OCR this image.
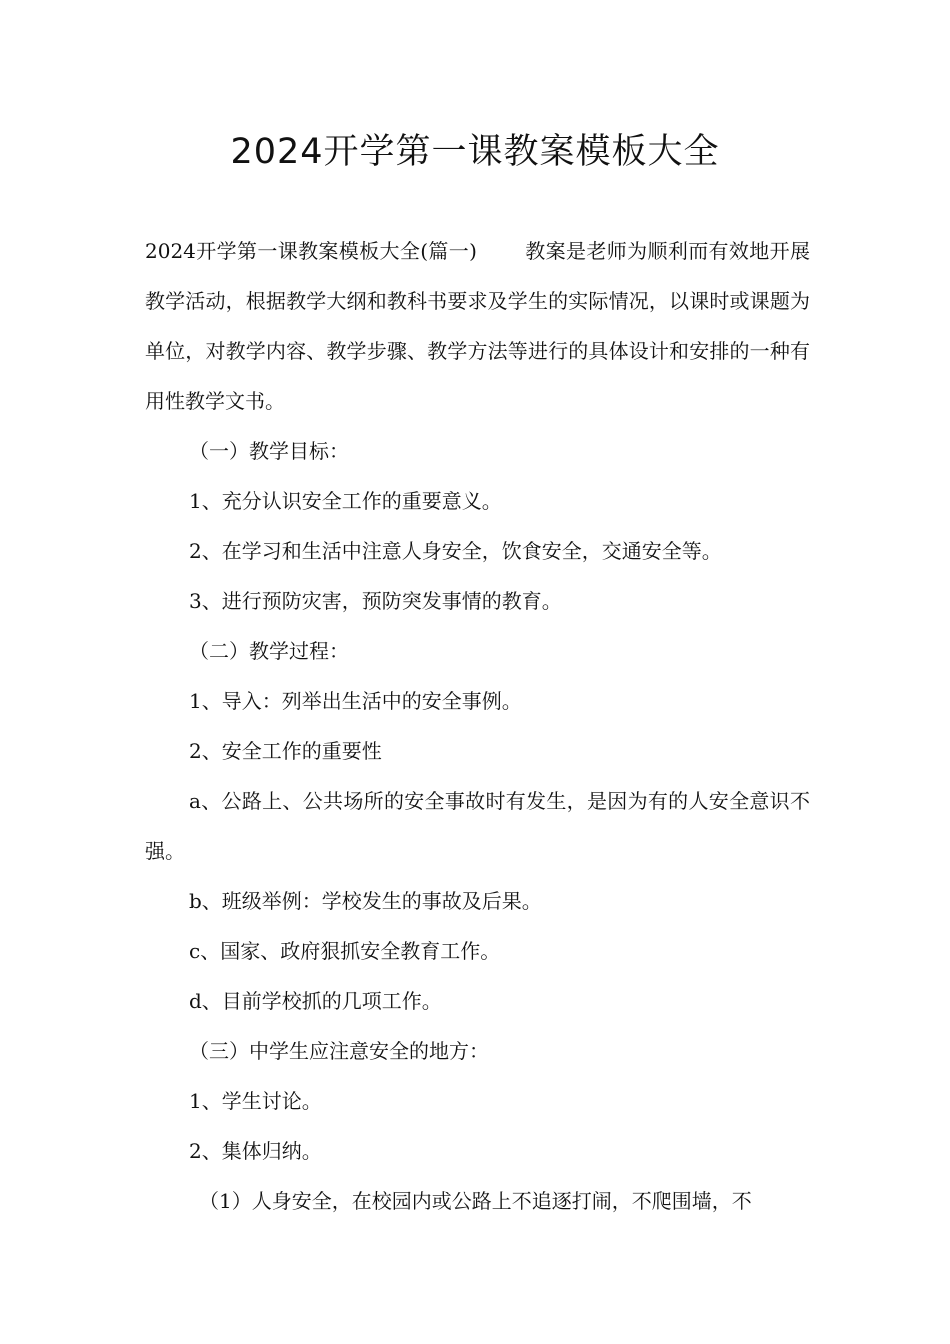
2024开学第一课教案模板大全

2024开学第一课教案模板大全(篇一) 教案是老师为顺利而有效地开展教学活动，根据教学大纲和教科书要求及学生的实际情况，以课时或课题为单位，对教学内容、教学步骤、教学方法等进行的具体设计和安排的一种有用性教学文书。

（一）教学目标：

1、充分认识安全工作的重要意义。

2、在学习和生活中注意人身安全，饮食安全，交通安全等。

3、进行预防灾害，预防突发事情的教育。

（二）教学过程：

1、导入：列举出生活中的安全事例。

2、安全工作的重要性

a、公路上、公共场所的安全事故时有发生，是因为有的人安全意识不强。

b、班级举例：学校发生的事故及后果。

c、国家、政府狠抓安全教育工作。

d、目前学校抓的几项工作。

（三）中学生应注意安全的地方：

1、学生讨论。

2、集体归纳。

（1）人身安全，在校园内或公路上不追逐打闹，不爬围墙，不
